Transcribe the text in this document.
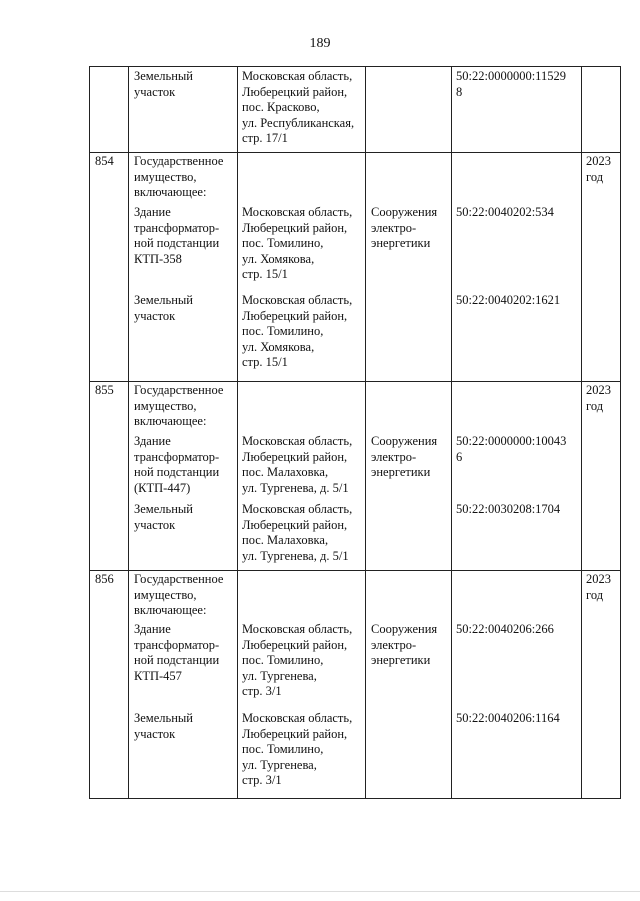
189
Земельный
участок
Московская область,
Люберецкий район,
пос. Красково,
ул. Республиканская,
стр. 17/1
50:22:0000000:11529
8
854 Государственное
имущество,
включающее:
2023
год
Здание
трансформатор-
ной подстанции
КТП-358
Московская область,
Люберецкий район,
пос. Томилино,
ул. Хомякова,
стр. 15/1
Сооружения
электро-
энергетики
50:22:0040202:534
Земельный
участок
Московская область,
Люберецкий район,
пос. Томилино,
ул. Хомякова,
стр. 15/1
50:22:0040202:1621
855 Государственное
имущество,
включающее:
2023
год
Здание
трансформатор-
ной подстанции
(КТП-447)
Московская область,
Люберецкий район,
пос. Малаховка,
ул. Тургенева, д. 5/1
Сооружения
электро-
энергетики
50:22:0000000:10043
6
Земельный
участок
Московская область,
Люберецкий район,
пос. Малаховка,
ул. Тургенева, д. 5/1
50:22:0030208:1704
856 Государственное
имущество,
включающее:
2023
год
Здание
трансформатор-
ной подстанции
КТП-457
Московская область,
Люберецкий район,
пос. Томилино,
ул. Тургенева,
стр. 3/1
Сооружения
электро-
энергетики
50:22:0040206:266
Земельный
участок
Московская область,
Люберецкий район,
пос. Томилино,
ул. Тургенева,
стр. 3/1
50:22:0040206:1164
